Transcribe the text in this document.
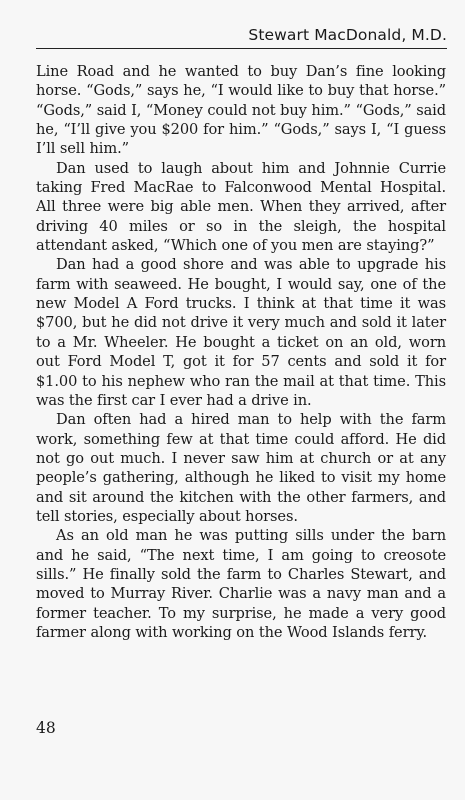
Stewart MacDonald, M.D.

Line Road and he wanted to buy Dan’s fine looking horse. “Gods,” says he, “I would like to buy that horse.” “Gods,” said I, “Money could not buy him.” “Gods,” said he, “I’ll give you $200 for him.” “Gods,” says I, “I guess I’ll sell him.”

Dan used to laugh about him and Johnnie Currie taking Fred MacRae to Falconwood Mental Hospital. All three were big able men. When they arrived, after driving 40 miles or so in the sleigh, the hospital attendant asked, “Which one of you men are staying?”

Dan had a good shore and was able to upgrade his farm with seaweed. He bought, I would say, one of the new Model A Ford trucks. I think at that time it was $700, but he did not drive it very much and sold it later to a Mr. Wheeler. He bought a ticket on an old, worn out Ford Model T, got it for 57 cents and sold it for $1.00 to his nephew who ran the mail at that time. This was the first car I ever had a drive in.

Dan often had a hired man to help with the farm work, something few at that time could afford. He did not go out much. I never saw him at church or at any people’s gathering, although he liked to visit my home and sit around the kitchen with the other farmers, and tell stories, especially about horses.

As an old man he was putting sills under the barn and he said, “The next time, I am going to creosote sills.” He finally sold the farm to Charles Stewart, and moved to Murray River. Charlie was a navy man and a former teacher. To my surprise, he made a very good farmer along with working on the Wood Islands ferry.

48
